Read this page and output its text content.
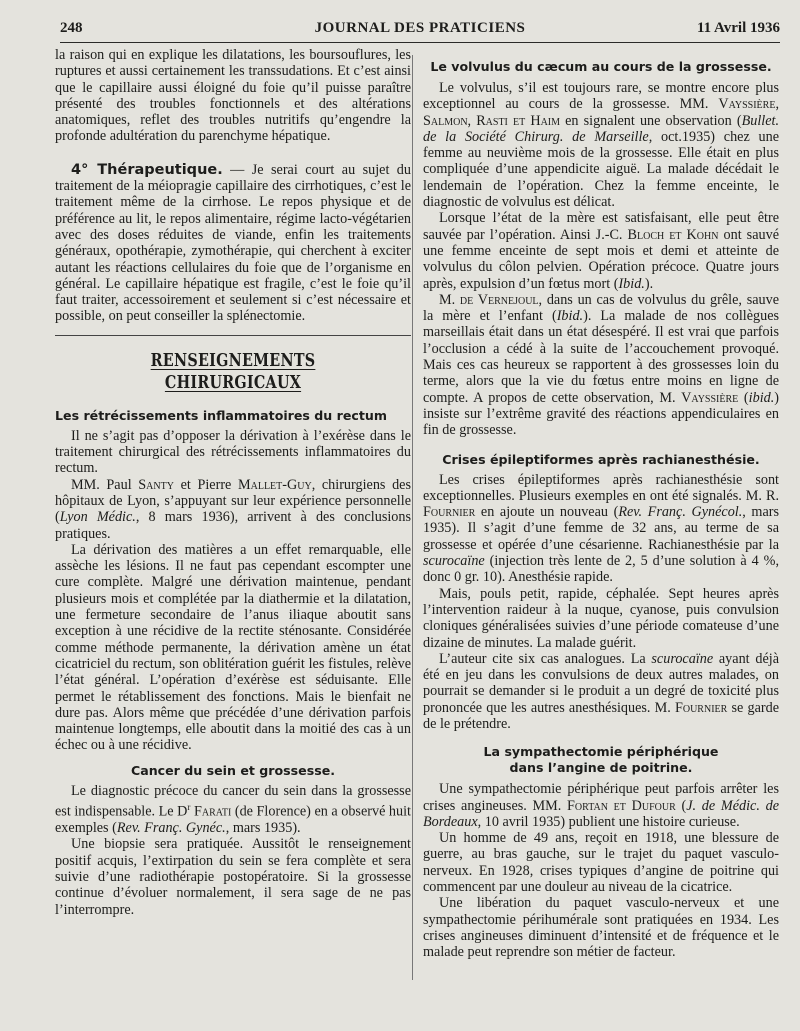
248	JOURNAL DES PRATICIENS	11 Avril 1936

la raison qui en explique les dilatations, les boursouflures, les ruptures et aussi certainement les transsudations. Et c’est ainsi que le capillaire aussi éloigné du foie qu’il puisse paraître présenté des troubles fonctionnels et des altérations anatomiques, reflet des troubles nutritifs qu’engendre la profonde adultération du parenchyme hépatique.

4° Thérapeutique. — Je serai court au sujet du traitement de la méiopragie capillaire des cirrhotiques, c’est le traitement même de la cirrhose. Le repos physique et de préférence au lit, le repos alimentaire, régime lacto-végétarien avec des doses réduites de viande, enfin les traitements généraux, opothérapie, zymothérapie, qui cherchent à exciter autant les réactions cellulaires du foie que de l’organisme en général. Le capillaire hépatique est fragile, c’est le foie qu’il faut traiter, accessoirement et seulement si c’est nécessaire et possible, on peut conseiller la splénectomie.

RENSEIGNEMENTS CHIRURGICAUX
Les rétrécissements inflammatoires du rectum

Il ne s’agit pas d’opposer la dérivation à l’exérèse dans le traitement chirurgical des rétrécissements inflammatoires du rectum.

MM. Paul Santy et Pierre Mallet-Guy, chirurgiens des hôpitaux de Lyon, s’appuyant sur leur expérience personnelle (Lyon Médic., 8 mars 1936), arrivent à des conclusions pratiques.

La dérivation des matières a un effet remarquable, elle assèche les lésions. Il ne faut pas cependant escompter une cure complète. Malgré une dérivation maintenue, pendant plusieurs mois et complétée par la diathermie et la dilatation, une fermeture secondaire de l’anus iliaque aboutit sans exception à une récidive de la rectite sténosante. Considérée comme méthode permanente, la dérivation amène un état cicatriciel du rectum, son oblitération guérit les fistules, relève l’état général. L’opération d’exérèse est séduisante. Elle permet le rétablissement des fonctions. Mais le bienfait ne dure pas. Alors même que précédée d’une dérivation parfois maintenue longtemps, elle aboutit dans la moitié des cas à un échec ou à une récidive.

Cancer du sein et grossesse.

Le diagnostic précoce du cancer du sein dans la grossesse est indispensable. Le $D^r$ Farati (de Florence) en a observé huit exemples (Rev. Franç. Gynéc., mars 1935).

Une biopsie sera pratiquée. Aussitôt le renseignement positif acquis, l’extirpation du sein se fera complète et sera suivie d’une radiothérapie postopératoire. Si la grossesse continue d’évoluer normalement, il sera sage de ne pas l’interrompre.

Le volvulus du cæcum au cours de la grossesse.

Le volvulus, s’il est toujours rare, se montre encore plus exceptionnel au cours de la grossesse. MM. Vayssière, Salmon, Rasti et Haim en signalent une observation (Bullet. de la Société Chirurg. de Marseille, oct.1935) chez une femme au neuvième mois de la grossesse. Elle était en plus compliquée d’une appendicite aiguë. La malade décédait le lendemain de l’opération. Chez la femme enceinte, le diagnostic de volvulus est délicat.

Lorsque l’état de la mère est satisfaisant, elle peut être sauvée par l’opération. Ainsi J.-C. Bloch et Kohn ont sauvé une femme enceinte de sept mois et demi et atteinte de volvulus du côlon pelvien. Opération précoce. Quatre jours après, expulsion d’un fœtus mort (Ibid.).

M. de Vernejoul, dans un cas de volvulus du grêle, sauve la mère et l’enfant (Ibid.). La malade de nos collègues marseillais était dans un état désespéré. Il est vrai que parfois l’occlusion a cédé à la suite de l’accouchement provoqué. Mais ces cas heureux se rapportent à des grossesses loin du terme, alors que la vie du fœtus entre moins en ligne de compte. A propos de cette observation, M. Vayssière (ibid.) insiste sur l’extrême gravité des réactions appendiculaires en fin de grossesse.

Crises épileptiformes après rachianesthésie.

Les crises épileptiformes après rachianesthésie sont exceptionnelles. Plusieurs exemples en ont été signalés. M. R. Fournier en ajoute un nouveau (Rev. Franç. Gynécol., mars 1935). Il s’agit d’une femme de 32 ans, au terme de sa grossesse et opérée d’une césarienne. Rachianesthésie par la scurocaïne (injection très lente de 2, 5 d’une solution à 4 %, donc 0 gr. 10). Anesthésie rapide.

Mais, pouls petit, rapide, céphalée. Sept heures après l’intervention raideur à la nuque, cyanose, puis convulsion cloniques généralisées suivies d’une période comateuse d’une dizaine de minutes. La malade guérit.

L’auteur cite six cas analogues. La scurocaïne ayant déjà été en jeu dans les convulsions de deux autres malades, on pourrait se demander si le produit a un degré de toxicité plus prononcée que les autres anesthésiques. M. Fournier se garde de le prétendre.

La sympathectomie périphérique
dans l’angine de poitrine.

Une sympathectomie périphérique peut parfois arrêter les crises angineuses. MM. Fortan et Dufour (J. de Médic. de Bordeaux, 10 avril 1935) publient une histoire curieuse.

Un homme de 49 ans, reçoit en 1918, une blessure de guerre, au bras gauche, sur le trajet du paquet vasculo-nerveux. En 1928, crises typiques d’angine de poitrine qui commencent par une douleur au niveau de la cicatrice.

Une libération du paquet vasculo-nerveux et une sympathectomie périhumérale sont pratiquées en 1934. Les crises angineuses diminuent d’intensité et de fréquence et le malade peut reprendre son métier de facteur.
